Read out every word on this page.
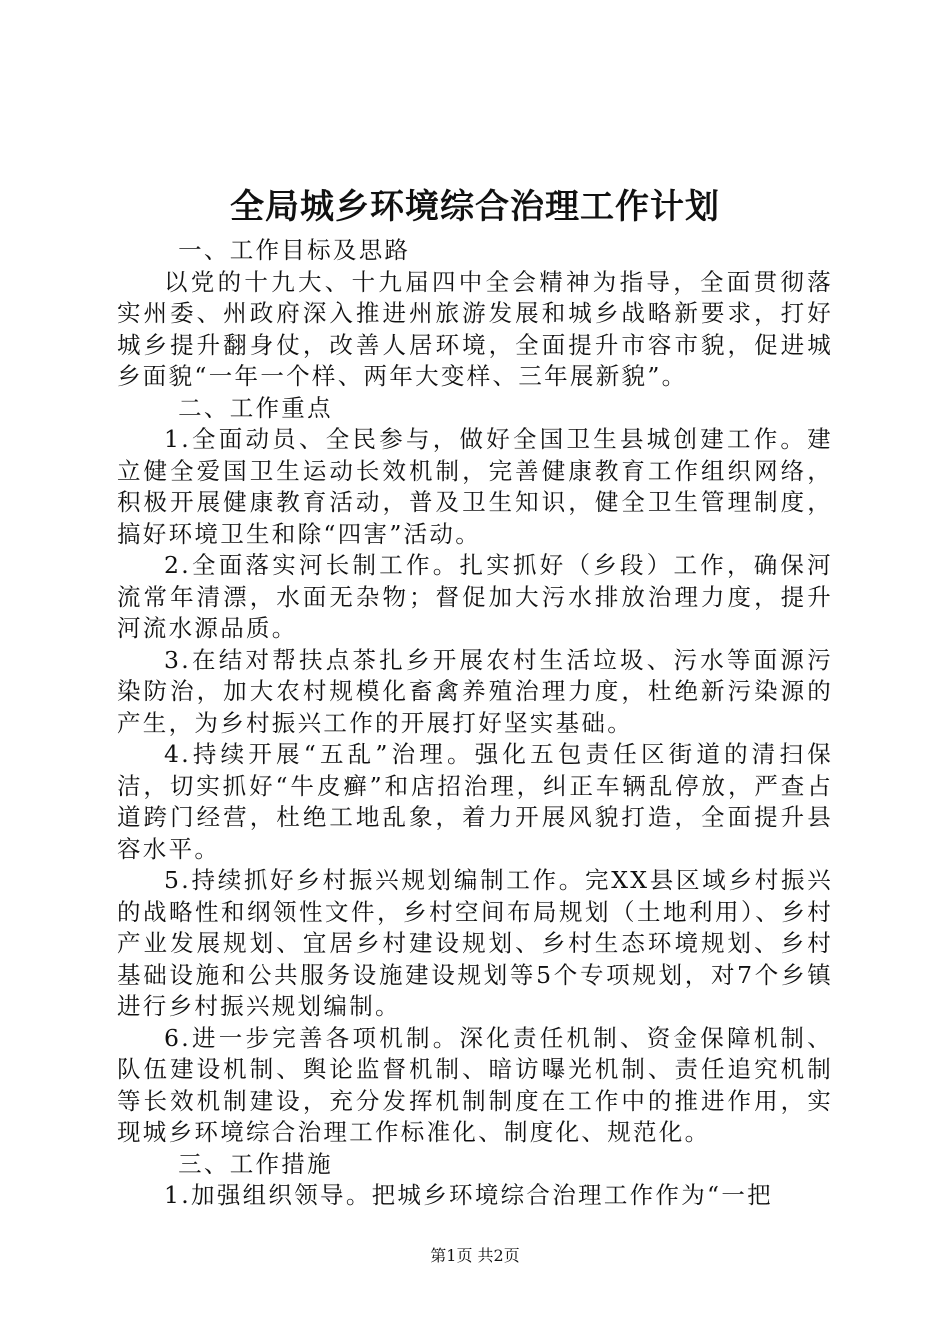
全局城乡环境综合治理工作计划

一、工作目标及思路

以党的十九大、十九届四中全会精神为指导，全面贯彻落实州委、州政府深入推进州旅游发展和城乡战略新要求，打好城乡提升翻身仗，改善人居环境，全面提升市容市貌，促进城乡面貌“一年一个样、两年大变样、三年展新貌”。

二、工作重点

1.全面动员、全民参与，做好全国卫生县城创建工作。建立健全爱国卫生运动长效机制，完善健康教育工作组织网络，积极开展健康教育活动，普及卫生知识，健全卫生管理制度，搞好环境卫生和除“四害”活动。

2.全面落实河长制工作。扎实抓好（乡段）工作，确保河流常年清漂，水面无杂物；督促加大污水排放治理力度，提升河流水源品质。

3.在结对帮扶点茶扎乡开展农村生活垃圾、污水等面源污染防治，加大农村规模化畜禽养殖治理力度，杜绝新污染源的产生，为乡村振兴工作的开展打好坚实基础。

4.持续开展“五乱”治理。强化五包责任区街道的清扫保洁，切实抓好“牛皮癣”和店招治理，纠正车辆乱停放，严查占道跨门经营，杜绝工地乱象，着力开展风貌打造，全面提升县容水平。

5.持续抓好乡村振兴规划编制工作。完XX县区域乡村振兴的战略性和纲领性文件，乡村空间布局规划（土地利用）、乡村产业发展规划、宜居乡村建设规划、乡村生态环境规划、乡村基础设施和公共服务设施建设规划等5个专项规划，对7个乡镇进行乡村振兴规划编制。

6.进一步完善各项机制。深化责任机制、资金保障机制、队伍建设机制、舆论监督机制、暗访曝光机制、责任追究机制等长效机制建设，充分发挥机制制度在工作中的推进作用，实现城乡环境综合治理工作标准化、制度化、规范化。

三、工作措施

1.加强组织领导。把城乡环境综合治理工作作为“一把

第1页 共2页
